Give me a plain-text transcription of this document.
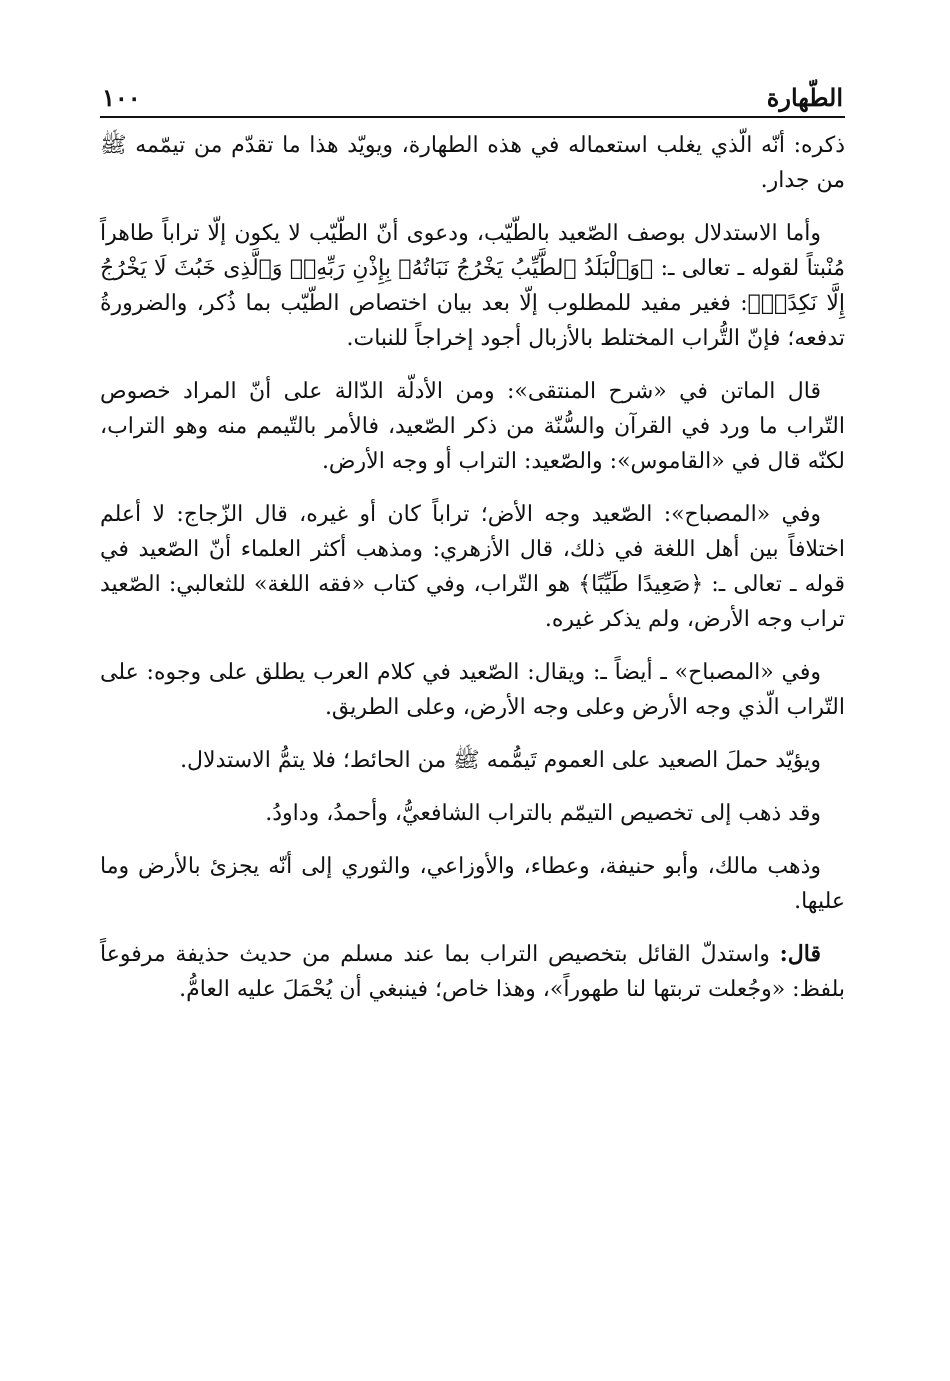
الطّهارة
١٠٠

ذكره: أنّه الّذي يغلب استعماله في هذه الطهارة، ويويّد هذا ما تقدّم من تيمّمه ﷺ من جدار.

وأما الاستدلال بوصف الصّعيد بالطّيّب، ودعوى أنّ الطّيّب لا يكون إلّا تراباً طاهراً مُنْبتاً لقوله ـ تعالى ـ: ﴿وَٱلْبَلَدُ ٱلطَّيِّبُ يَخْرُجُ نَبَاتُهُۥ بِإِذْنِ رَبِّهِۦۖ وَٱلَّذِى خَبُثَ لَا يَخْرُجُ إِلَّا نَكِدًاۚ﴾: فغير مفيد للمطلوب إلّا بعد بيان اختصاص الطّيّب بما ذُكر، والضرورةُ تدفعه؛ فإنّ التُّراب المختلط بالأزبال أجود إخراجاً للنبات.

قال الماتن في «شرح المنتقى»: ومن الأدلّة الدّالة على أنّ المراد خصوص التّراب ما ورد في القرآن والسُّنّة من ذكر الصّعيد، فالأمر بالتّيمم منه وهو التراب، لكنّه قال في «القاموس»: والصّعيد: التراب أو وجه الأرض.

وفي «المصباح»: الصّعيد وجه الأض؛ تراباً كان أو غيره، قال الزّجاج: لا أعلم اختلافاً بين أهل اللغة في ذلك، قال الأزهري: ومذهب أكثر العلماء أنّ الصّعيد في قوله ـ تعالى ـ: ﴿صَعِيدًا طَيِّبًا﴾ هو التّراب، وفي كتاب «فقه اللغة» للثعالبي: الصّعيد تراب وجه الأرض، ولم يذكر غيره.

وفي «المصباح» ـ أيضاً ـ: ويقال: الصّعيد في كلام العرب يطلق على وجوه: على التّراب الّذي وجه الأرض وعلى وجه الأرض، وعلى الطريق.

ويؤيّد حملَ الصعيد على العموم تَيمُّمه ﷺ من الحائط؛ فلا يتمُّ الاستدلال.

وقد ذهب إلى تخصيص التيمّم بالتراب الشافعيُّ، وأحمدُ، وداودُ.

وذهب مالك، وأبو حنيفة، وعطاء، والأوزاعي، والثوري إلى أنّه يجزئ بالأرض وما عليها.

قال: واستدلّ القائل بتخصيص التراب بما عند مسلم من حديث حذيفة مرفوعاً بلفظ: «وجُعلت تربتها لنا طهوراً»، وهذا خاص؛ فينبغي أن يُحْمَلَ عليه العامُّ.
